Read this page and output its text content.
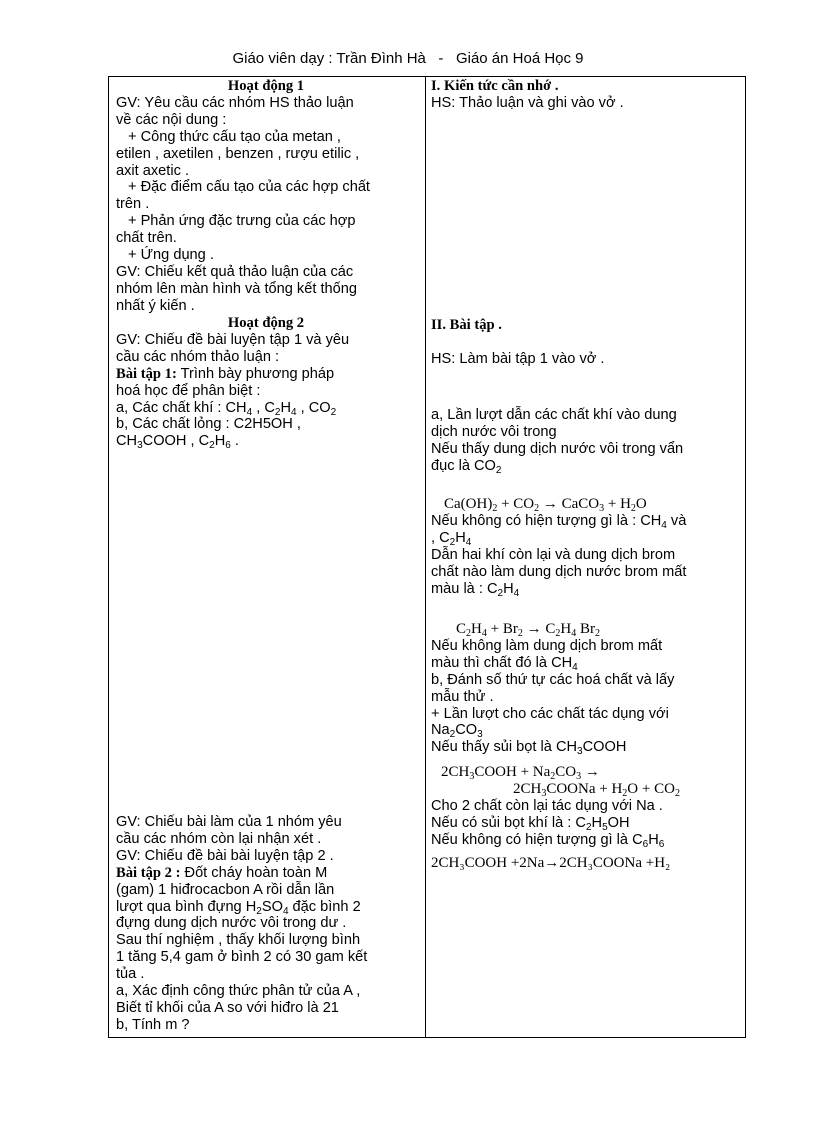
Giáo viên dạy : Trần Đình Hà - Giáo án Hoá Học 9
Hoạt động 1
GV: Yêu cầu các nhóm HS thảo luận
về các nội dung :
+ Công thức cấu tạo của metan ,
etilen , axetilen , benzen , rượu etilic ,
axit axetic .
+ Đặc điểm cấu tạo của các hợp chất
trên .
+ Phản ứng đặc trưng của các hợp
chất trên.
+ Ứng dụng .
GV: Chiếu kết quả thảo luận của các
nhóm lên màn hình và tổng kết thống
nhất ý kiến .
Hoạt động 2
GV: Chiếu đề bài luyện tập 1 và yêu
cầu các nhóm thảo luận :
Bài tập 1: Trình bày phương pháp
hoá học để phân biệt :
a, Các chất khí : $CH_4$ , $C_2H_4$ , $CO_2$
b, Các chất lỏng : C2H5OH ,
$CH_3COOH$ , $C_2H_6$ .
GV: Chiếu bài làm của 1 nhóm yêu
cầu các nhóm còn lại nhận xét .
GV: Chiếu đề bài bài luyện tập 2 .
Bài tập 2 : Đốt cháy hoàn toàn M
(gam) 1 hiđrocacbon A rồi dẫn lần
lượt qua bình đựng $H_2SO_4$ đặc bình 2
đựng dung dịch nước vôi trong dư .
Sau thí nghiệm , thấy khối lượng bình
1 tăng 5,4 gam ở bình 2 có 30 gam kết
tủa .
a, Xác định công thức phân tử của A ,
Biết tỉ khối của A so với hiđro là 21
b, Tính m ?
I. Kiến tức cần nhớ .
HS: Thảo luận và ghi vào vở .
II. Bài tập .
HS: Làm bài tập 1 vào vở .
a, Lần lượt dẫn các chất khí vào dung
dịch nước vôi trong
Nếu thấy dung dịch nước vôi trong vẩn
đục là $CO_2$
$Ca(OH)_2 + CO_2$ → CaCO$_3$ + $H_2O$
Nếu không có hiện tượng gì là : $CH_4$ và
, $C_2H_4$
Dẫn hai khí còn lại và dung dịch brom
chất nào làm dung dịch nước brom mất
màu là : $C_2H_4$
$C_2H_4 + Br_2 \to C_2H_4$ $Br_2$
Nếu không làm dung dịch brom mất
màu thì chất đó là $CH_4$
b, Đánh số thứ tự các hoá chất và lấy
mẫu thử .
+ Lần lượt cho các chất tác dụng với
$Na_2CO_3$
Nếu thấy sủi bọt là $CH_3COOH$
$2CH_3COOH + Na_2CO_3$ →
$2CH_3COONa + H_2O + CO_2$
Cho 2 chất còn lại tác dụng với Na .
Nếu có sủi bọt khí là : $C_2H_5OH$
Nếu không có hiện tượng gì là $C_6H_6$
2CH₃COOH +2Na→2CH₃COONa +H₂
